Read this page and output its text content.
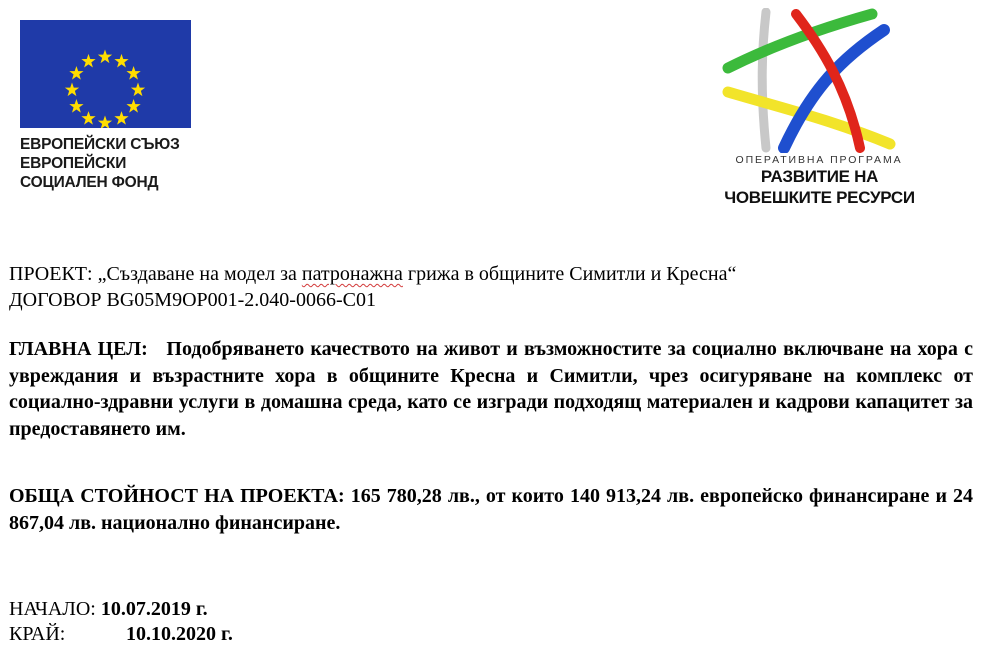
ЕВРОПЕЙСКИ СЪЮЗ
ЕВРОПЕЙСКИ
СОЦИАЛЕН ФОНД
ОПЕРАТИВНА ПРОГРАМА
РАЗВИТИЕ НА
ЧОВЕШКИТЕ РЕСУРСИ
ПРОЕКТ: „Създаване на модел за патронажна грижа в общините Симитли и Кресна“
ДОГОВОР BG05M9OP001-2.040-0066-C01
ГЛАВНА ЦЕЛ: Подобряването качеството на живот и възможностите за социално включване на хора с увреждания и възрастните хора в общините Кресна и Симитли, чрез осигуряване на комплекс от социално-здравни услуги в домашна среда, като се изгради подходящ материален и кадрови капацитет за предоставянето им.
ОБЩА СТОЙНОСТ НА ПРОЕКТА: 165 780,28 лв., от които 140 913,24 лв. европейско финансиране и 24 867,04 лв. национално финансиране.
НАЧАЛО: 10.07.2019 г.
КРАЙ:	10.10.2020 г.
